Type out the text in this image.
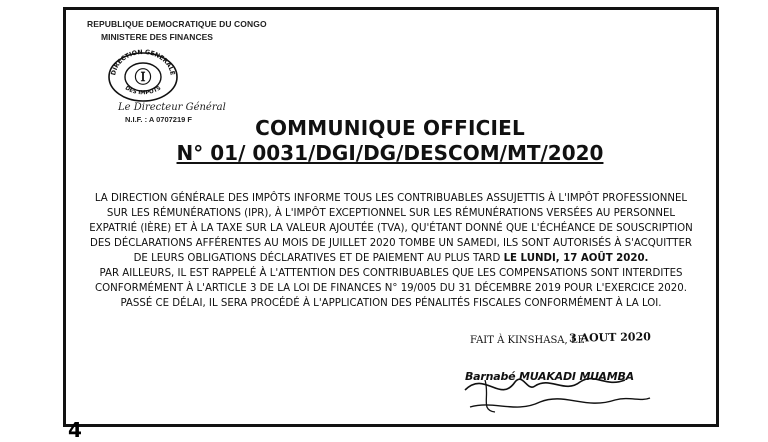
REPUBLIQUE DEMOCRATIQUE DU CONGO
MINISTERE DES FINANCES
DIRECTION GENERALE
DES IMPOTS
Ⓘ
Le Directeur Général
N.I.F. : A 0707219 F	COMMUNIQUE OFFICIEL
N° 01/ 0031/DGI/DG/DESCOM/MT/2020

LA DIRECTION GÉNÉRALE DES IMPÔTS INFORME TOUS LES CONTRIBUABLES ASSUJETTIS À L'IMPÔT PROFESSIONNEL

SUR LES RÉMUNÉRATIONS (IPR), À L'IMPÔT EXCEPTIONNEL SUR LES RÉMUNÉRATIONS VERSÉES AU PERSONNEL

EXPATRIÉ (IÈRE) ET À LA TAXE SUR LA VALEUR AJOUTÉE (TVA), QU'ÉTANT DONNÉ QUE L'ÉCHÉANCE DE SOUSCRIPTION

DES DÉCLARATIONS AFFÉRENTES AU MOIS DE JUILLET 2020 TOMBE UN SAMEDI, ILS SONT AUTORISÉS À S'ACQUITTER

DE LEURS OBLIGATIONS DÉCLARATIVES ET DE PAIEMENT AU PLUS TARD LE LUNDI, 17 AOÛT 2020.

PAR AILLEURS, IL EST RAPPELÉ À L'ATTENTION DES CONTRIBUABLES QUE LES COMPENSATIONS SONT INTERDITES

CONFORMÉMENT À L'ARTICLE 3 DE LA LOI DE FINANCES N° 19/005 DU 31 DÉCEMBRE 2019 POUR L'EXERCICE 2020.

PASSÉ CE DÉLAI, IL SERA PROCÉDÉ À L'APPLICATION DES PÉNALITÉS FISCALES CONFORMÉMENT À LA LOI.

FAIT À KINSHASA, LE
3 AOUT 2020
Barnabé MUAKADI MUAMBA
4
